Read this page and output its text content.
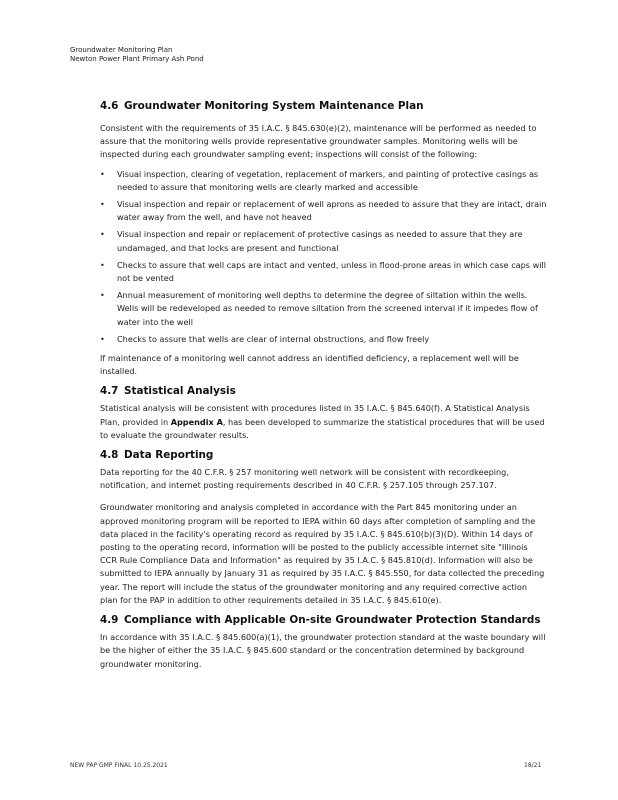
Groundwater Monitoring Plan
Newton Power Plant Primary Ash Pond
4.6 Groundwater Monitoring System Maintenance Plan

Consistent with the requirements of 35 I.A.C. § 845.630(e)(2), maintenance will be performed as needed to assure that the monitoring wells provide representative groundwater samples. Monitoring wells will be inspected during each groundwater sampling event; inspections will consist of the following:

• Visual inspection, clearing of vegetation, replacement of markers, and painting of protective casings as needed to assure that monitoring wells are clearly marked and accessible
• Visual inspection and repair or replacement of well aprons as needed to assure that they are intact, drain water away from the well, and have not heaved
• Visual inspection and repair or replacement of protective casings as needed to assure that they are undamaged, and that locks are present and functional
• Checks to assure that well caps are intact and vented, unless in flood-prone areas in which case caps will not be vented
• Annual measurement of monitoring well depths to determine the degree of siltation within the wells. Wells will be redeveloped as needed to remove siltation from the screened interval if it impedes flow of water into the well
• Checks to assure that wells are clear of internal obstructions, and flow freely

If maintenance of a monitoring well cannot address an identified deficiency, a replacement well will be installed.

4.7 Statistical Analysis

Statistical analysis will be consistent with procedures listed in 35 I.A.C. § 845.640(f). A Statistical Analysis Plan, provided in Appendix A, has been developed to summarize the statistical procedures that will be used to evaluate the groundwater results.

4.8 Data Reporting

Data reporting for the 40 C.F.R. § 257 monitoring well network will be consistent with recordkeeping, notification, and internet posting requirements described in 40 C.F.R. § 257.105 through 257.107.

Groundwater monitoring and analysis completed in accordance with the Part 845 monitoring under an approved monitoring program will be reported to IEPA within 60 days after completion of sampling and the data placed in the facility's operating record as required by 35 I.A.C. § 845.610(b)(3)(D). Within 14 days of posting to the operating record, information will be posted to the publicly accessible internet site "Illinois CCR Rule Compliance Data and Information" as required by 35 I.A.C. § 845.810(d). Information will also be submitted to IEPA annually by January 31 as required by 35 I.A.C. § 845.550, for data collected the preceding year. The report will include the status of the groundwater monitoring and any required corrective action plan for the PAP in addition to other requirements detailed in 35 I.A.C. § 845.610(e).

4.9 Compliance with Applicable On-site Groundwater Protection Standards

In accordance with 35 I.A.C. § 845.600(a)(1), the groundwater protection standard at the waste boundary will be the higher of either the 35 I.A.C. § 845.600 standard or the concentration determined by background groundwater monitoring.

NEW PAP GMP FINAL 10.25.2021	18/21
